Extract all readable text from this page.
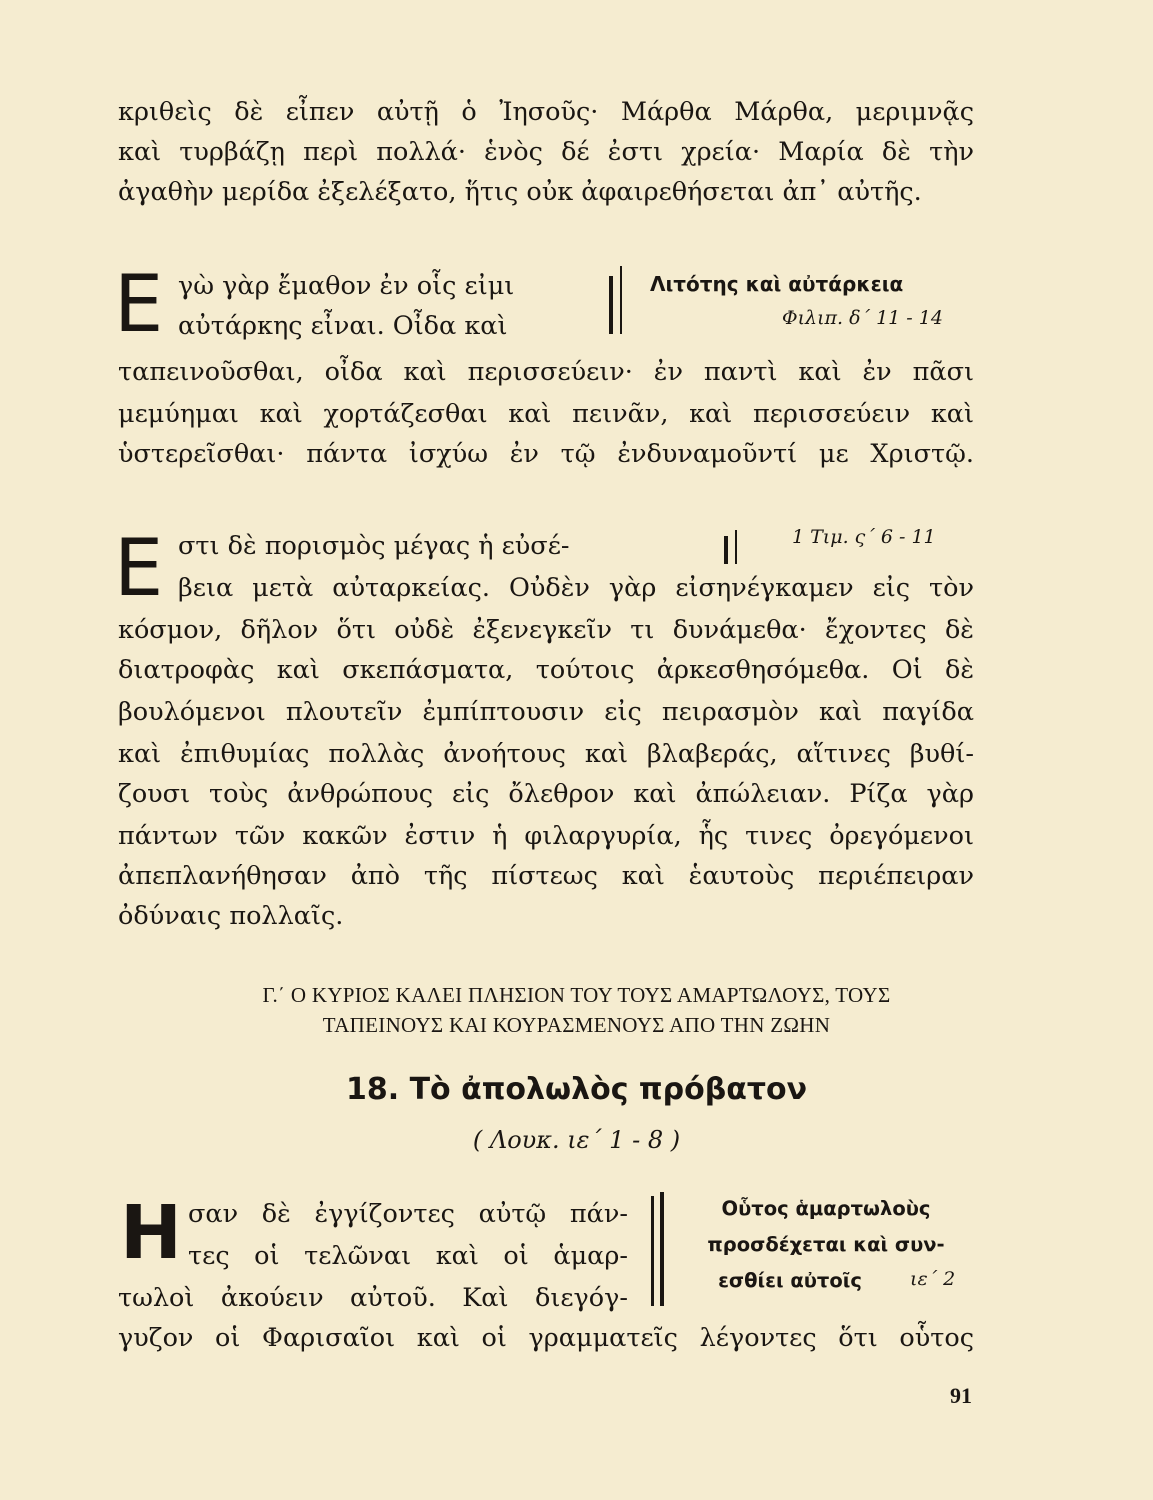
κριθεὶς δὲ εἶπεν αὐτῇ ὁ Ἰησοῦς· Μάρθα Μάρθα, μεριμνᾷς
καὶ τυρβάζῃ περὶ πολλά· ἑνὸς δέ ἐστι χρεία· Μαρία δὲ τὴν
ἀγαθὴν μερίδα ἐξελέξατο, ἥτις οὐκ ἀφαιρεθήσεται ἀπ᾽ αὐτῆς.
Ε γὼ γὰρ ἔμαθον ἐν οἷς εἰμι
αὐτάρκης εἶναι. Οἶδα καὶ
Λιτότης καὶ αὐτάρκεια
Φιλιπ. δ΄ 11 - 14
ταπεινοῦσθαι, οἶδα καὶ περισσεύειν· ἐν παντὶ καὶ ἐν πᾶσι
μεμύημαι καὶ χορτάζεσθαι καὶ πεινᾶν, καὶ περισσεύειν καὶ
ὑστερεῖσθαι· πάντα ἰσχύω ἐν τῷ ἐνδυναμοῦντί με Χριστῷ.
Ε στι δὲ πορισμὸς μέγας ἡ εὐσέ-	1 Τιμ. ς΄ 6 - 11
βεια μετὰ αὐταρκείας. Οὐδὲν γὰρ εἰσηνέγκαμεν εἰς τὸν
κόσμον, δῆλον ὅτι οὐδὲ ἐξενεγκεῖν τι δυνάμεθα· ἔχοντες δὲ
διατροφὰς καὶ σκεπάσματα, τούτοις ἀρκεσθησόμεθα. Οἱ δὲ
βουλόμενοι πλουτεῖν ἐμπίπτουσιν εἰς πειρασμὸν καὶ παγίδα
καὶ ἐπιθυμίας πολλὰς ἀνοήτους καὶ βλαβεράς, αἵτινες βυθί-
ζουσι τοὺς ἀνθρώπους εἰς ὄλεθρον καὶ ἀπώλειαν. Ρίζα γὰρ
πάντων τῶν κακῶν ἐστιν ἡ φιλαργυρία, ἧς τινες ὀρεγόμενοι
ἀπεπλανήθησαν ἀπὸ τῆς πίστεως καὶ ἑαυτοὺς περιέπειραν
ὀδύναις πολλαῖς.
Γ.΄ Ο ΚΥΡΙΟΣ ΚΑΛΕΙ ΠΛΗΣΙΟΝ ΤΟΥ ΤΟΥΣ ΑΜΑΡΤΩΛΟΥΣ, ΤΟΥΣ
ΤΑΠΕΙΝΟΥΣ ΚΑΙ ΚΟΥΡΑΣΜΕΝΟΥΣ ΑΠΟ ΤΗΝ ΖΩΗΝ
18. Τὸ ἀπολωλὸς πρόβατον
( Λουκ. ιε΄ 1 - 8 )
Η σαν δὲ ἐγγίζοντες αὐτῷ πάν-
τες οἱ τελῶναι καὶ οἱ ἁμαρ-
τωλοὶ ἀκούειν αὐτοῦ. Καὶ διεγόγ-
Οὗτος ἁμαρτωλοὺς
προσδέχεται καὶ συν-
εσθίει αὐτοῖς	ιε΄ 2
γυζον οἱ Φαρισαῖοι καὶ οἱ γραμματεῖς λέγοντες ὅτι οὗτος
91
